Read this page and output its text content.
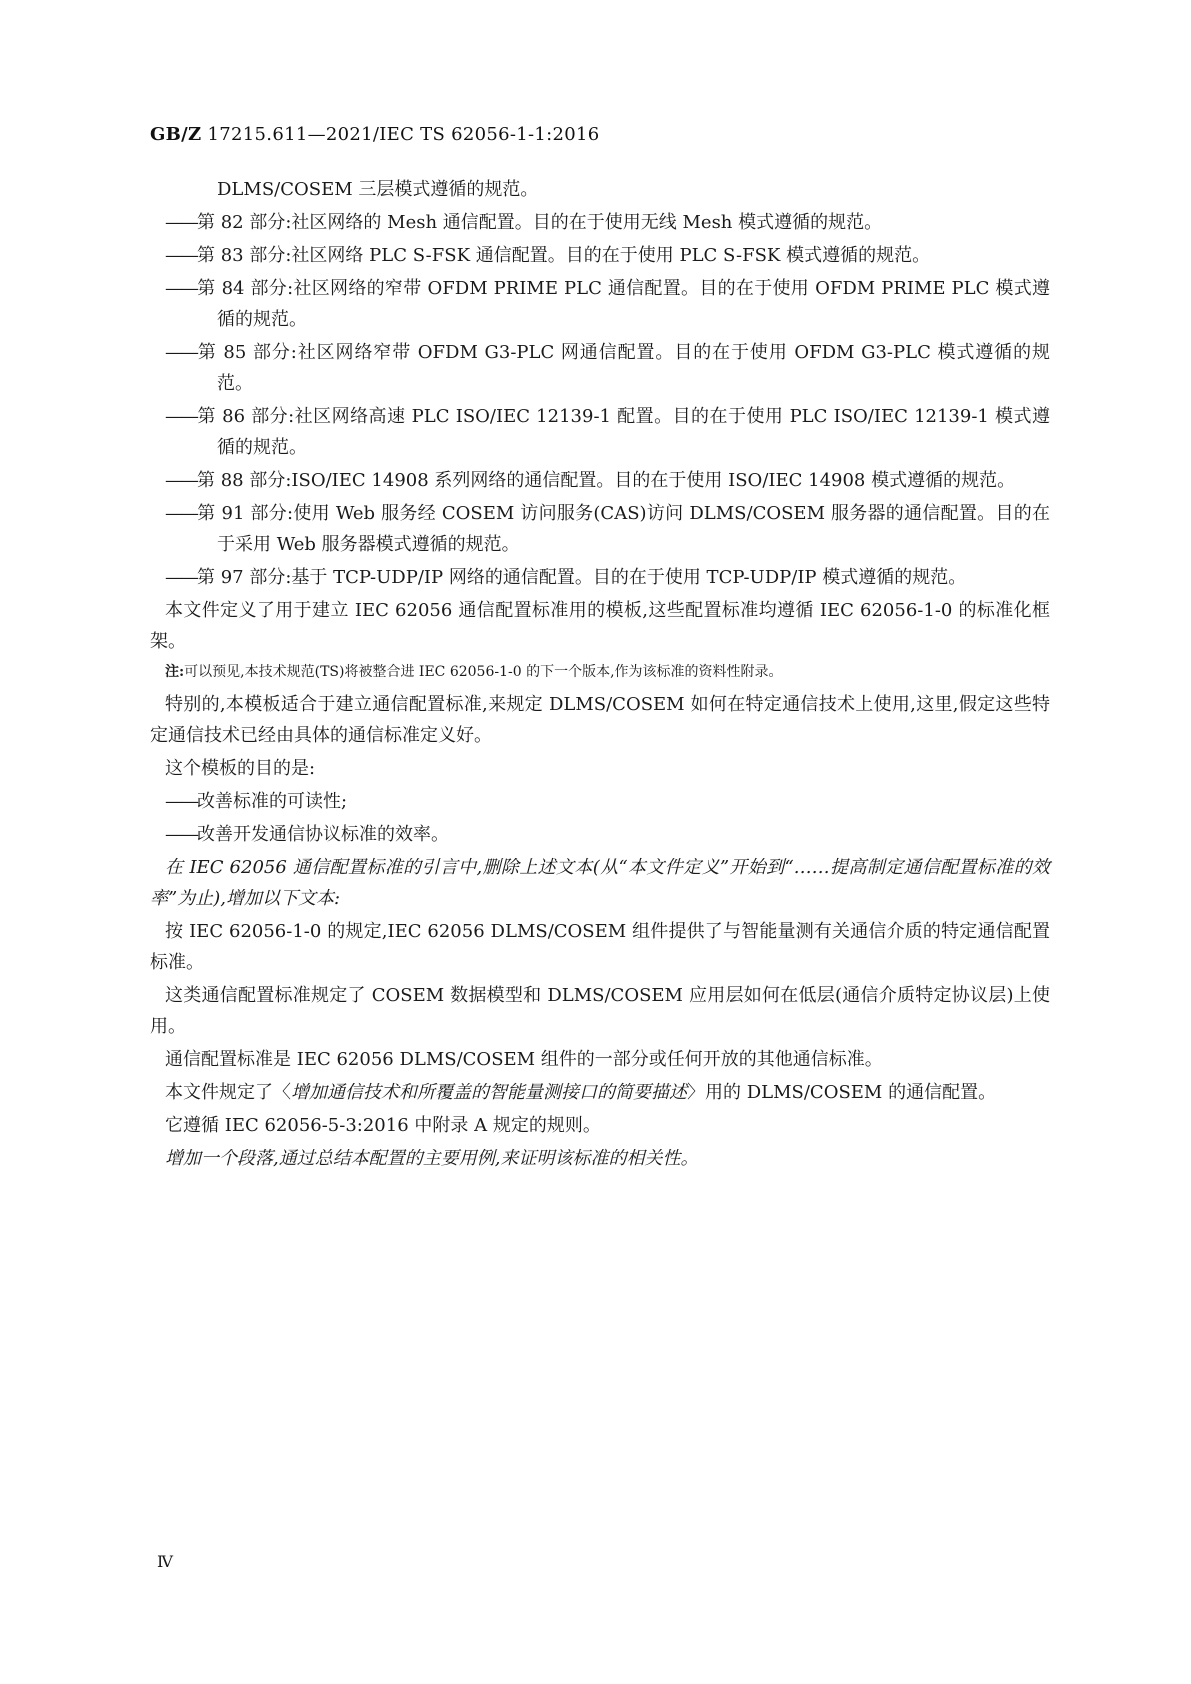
GB/Z 17215.611—2021/IEC TS 62056-1-1:2016
DLMS/COSEM 三层模式遵循的规范。

——第 82 部分:社区网络的 Mesh 通信配置。目的在于使用无线 Mesh 模式遵循的规范。

——第 83 部分:社区网络 PLC S-FSK 通信配置。目的在于使用 PLC S-FSK 模式遵循的规范。

——第 84 部分:社区网络的窄带 OFDM PRIME PLC 通信配置。目的在于使用 OFDM PRIME PLC 模式遵循的规范。

——第 85 部分:社区网络窄带 OFDM G3-PLC 网通信配置。目的在于使用 OFDM G3-PLC 模式遵循的规范。

——第 86 部分:社区网络高速 PLC ISO/IEC 12139-1 配置。目的在于使用 PLC ISO/IEC 12139-1 模式遵循的规范。

——第 88 部分:ISO/IEC 14908 系列网络的通信配置。目的在于使用 ISO/IEC 14908 模式遵循的规范。

——第 91 部分:使用 Web 服务经 COSEM 访问服务(CAS)访问 DLMS/COSEM 服务器的通信配置。目的在于采用 Web 服务器模式遵循的规范。

——第 97 部分:基于 TCP-UDP/IP 网络的通信配置。目的在于使用 TCP-UDP/IP 模式遵循的规范。

本文件定义了用于建立 IEC 62056 通信配置标准用的模板,这些配置标准均遵循 IEC 62056-1-0 的标准化框架。

注:可以预见,本技术规范(TS)将被整合进 IEC 62056-1-0 的下一个版本,作为该标准的资料性附录。

特别的,本模板适合于建立通信配置标准,来规定 DLMS/COSEM 如何在特定通信技术上使用,这里,假定这些特定通信技术已经由具体的通信标准定义好。

这个模板的目的是:

——改善标准的可读性;

——改善开发通信协议标准的效率。

在 IEC 62056 通信配置标准的引言中,删除上述文本(从“本文件定义”开始到“……提高制定通信配置标准的效率”为止),增加以下文本:

按 IEC 62056-1-0 的规定,IEC 62056 DLMS/COSEM 组件提供了与智能量测有关通信介质的特定通信配置标准。

这类通信配置标准规定了 COSEM 数据模型和 DLMS/COSEM 应用层如何在低层(通信介质特定协议层)上使用。

通信配置标准是 IEC 62056 DLMS/COSEM 组件的一部分或任何开放的其他通信标准。

本文件规定了〈增加通信技术和所覆盖的智能量测接口的简要描述〉用的 DLMS/COSEM 的通信配置。

它遵循 IEC 62056-5-3:2016 中附录 A 规定的规则。

增加一个段落,通过总结本配置的主要用例,来证明该标准的相关性。

Ⅳ
